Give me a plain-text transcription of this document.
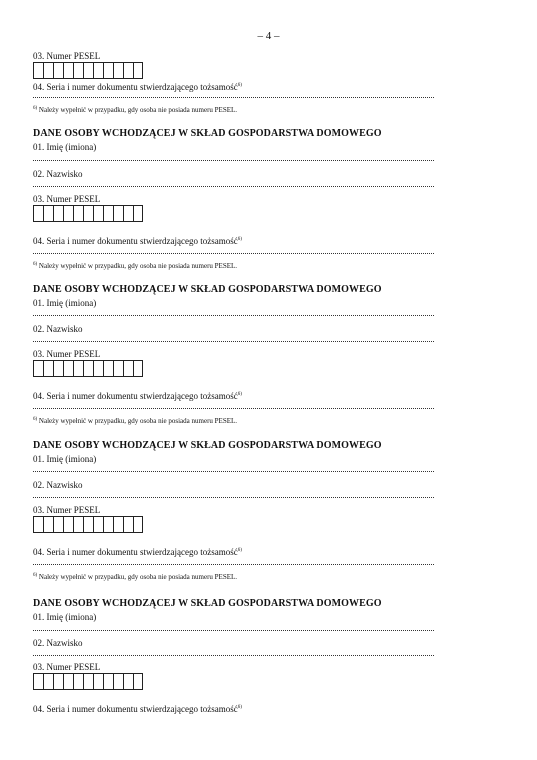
– 4 –
03. Numer PESEL
04. Seria i numer dokumentu stwierdzającego tożsamość$^{6)}$
$^{6)}$ Należy wypełnić w przypadku, gdy osoba nie posiada numeru PESEL.
DANE OSOBY WCHODZĄCEJ W SKŁAD GOSPODARSTWA DOMOWEGO
01. Imię (imiona)
02. Nazwisko
03. Numer PESEL
04. Seria i numer dokumentu stwierdzającego tożsamość$^{6)}$
$^{6)}$ Należy wypełnić w przypadku, gdy osoba nie posiada numeru PESEL.
DANE OSOBY WCHODZĄCEJ W SKŁAD GOSPODARSTWA DOMOWEGO
01. Imię (imiona)
02. Nazwisko
03. Numer PESEL
04. Seria i numer dokumentu stwierdzającego tożsamość$^{6)}$
$^{6)}$ Należy wypełnić w przypadku, gdy osoba nie posiada numeru PESEL.
DANE OSOBY WCHODZĄCEJ W SKŁAD GOSPODARSTWA DOMOWEGO
01. Imię (imiona)
02. Nazwisko
03. Numer PESEL
04. Seria i numer dokumentu stwierdzającego tożsamość$^{6)}$
$^{6)}$ Należy wypełnić w przypadku, gdy osoba nie posiada numeru PESEL.
DANE OSOBY WCHODZĄCEJ W SKŁAD GOSPODARSTWA DOMOWEGO
01. Imię (imiona)
02. Nazwisko
03. Numer PESEL
04. Seria i numer dokumentu stwierdzającego tożsamość$^{6)}$
